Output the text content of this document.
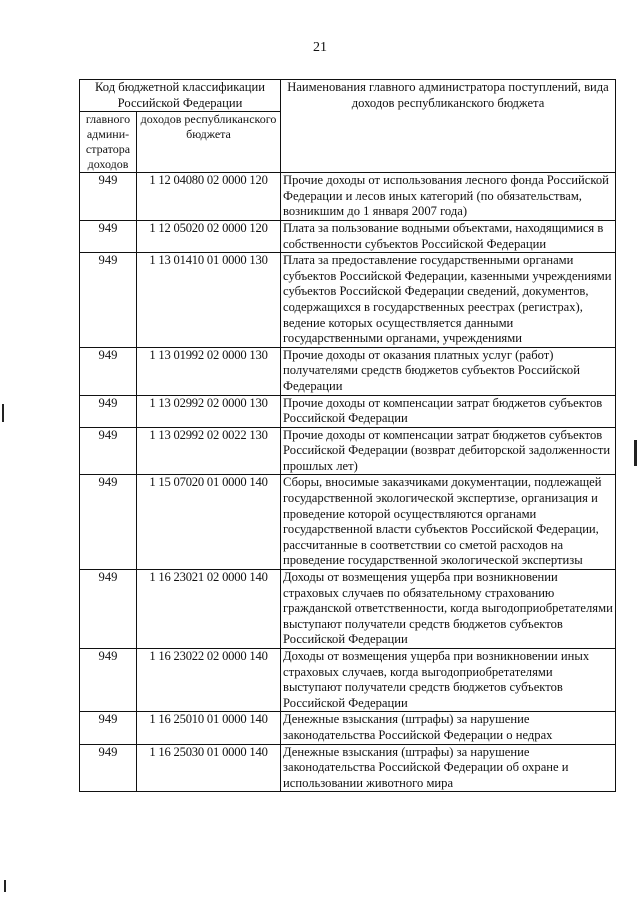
21
Код бюджетной классификации Российской Федерации		Наименования главного администратора поступлений, вида доходов республиканского бюджета
главного админи-стратора доходов	доходов республиканского бюджета	
949	1 12 04080 02 0000 120	Прочие доходы от использования лесного фонда Российской Федерации и лесов иных категорий (по обязательствам, возникшим до 1 января 2007 года)
949	1 12 05020 02 0000 120	Плата за пользование водными объектами, находящимися в собственности субъектов Российской Федерации
949	1 13 01410 01 0000 130	Плата за предоставление государственными органами субъектов Российской Федерации, казенными учреждениями субъектов Российской Федерации сведений, документов, содержащихся в государственных реестрах (регистрах), ведение которых осуществляется данными государственными органами, учреждениями
949	1 13 01992 02 0000 130	Прочие доходы от оказания платных услуг (работ) получателями средств бюджетов субъектов Российской Федерации
949	1 13 02992 02 0000 130	Прочие доходы от компенсации затрат бюджетов субъектов Российской Федерации
949	1 13 02992 02 0022 130	Прочие доходы от компенсации затрат бюджетов субъектов Российской Федерации (возврат дебиторской задолженности прошлых лет)
949	1 15 07020 01 0000 140	Сборы, вносимые заказчиками документации, подлежащей государственной экологической экспертизе, организация и проведение которой осуществляются органами государственной власти субъектов Российской Федерации, рассчитанные в соответствии со сметой расходов на проведение государственной экологической экспертизы
949	1 16 23021 02 0000 140	Доходы от возмещения ущерба при возникновении страховых случаев по обязательному страхованию гражданской ответственности, когда выгодоприобретателями выступают получатели средств бюджетов субъектов Российской Федерации
949	1 16 23022 02 0000 140	Доходы от возмещения ущерба при возникновении иных страховых случаев, когда выгодоприобретателями выступают получатели средств бюджетов субъектов Российской Федерации
949	1 16 25010 01 0000 140	Денежные взыскания (штрафы) за нарушение законодательства Российской Федерации о недрах
949	1 16 25030 01 0000 140	Денежные взыскания (штрафы) за нарушение законодательства Российской Федерации об охране и использовании животного мира
